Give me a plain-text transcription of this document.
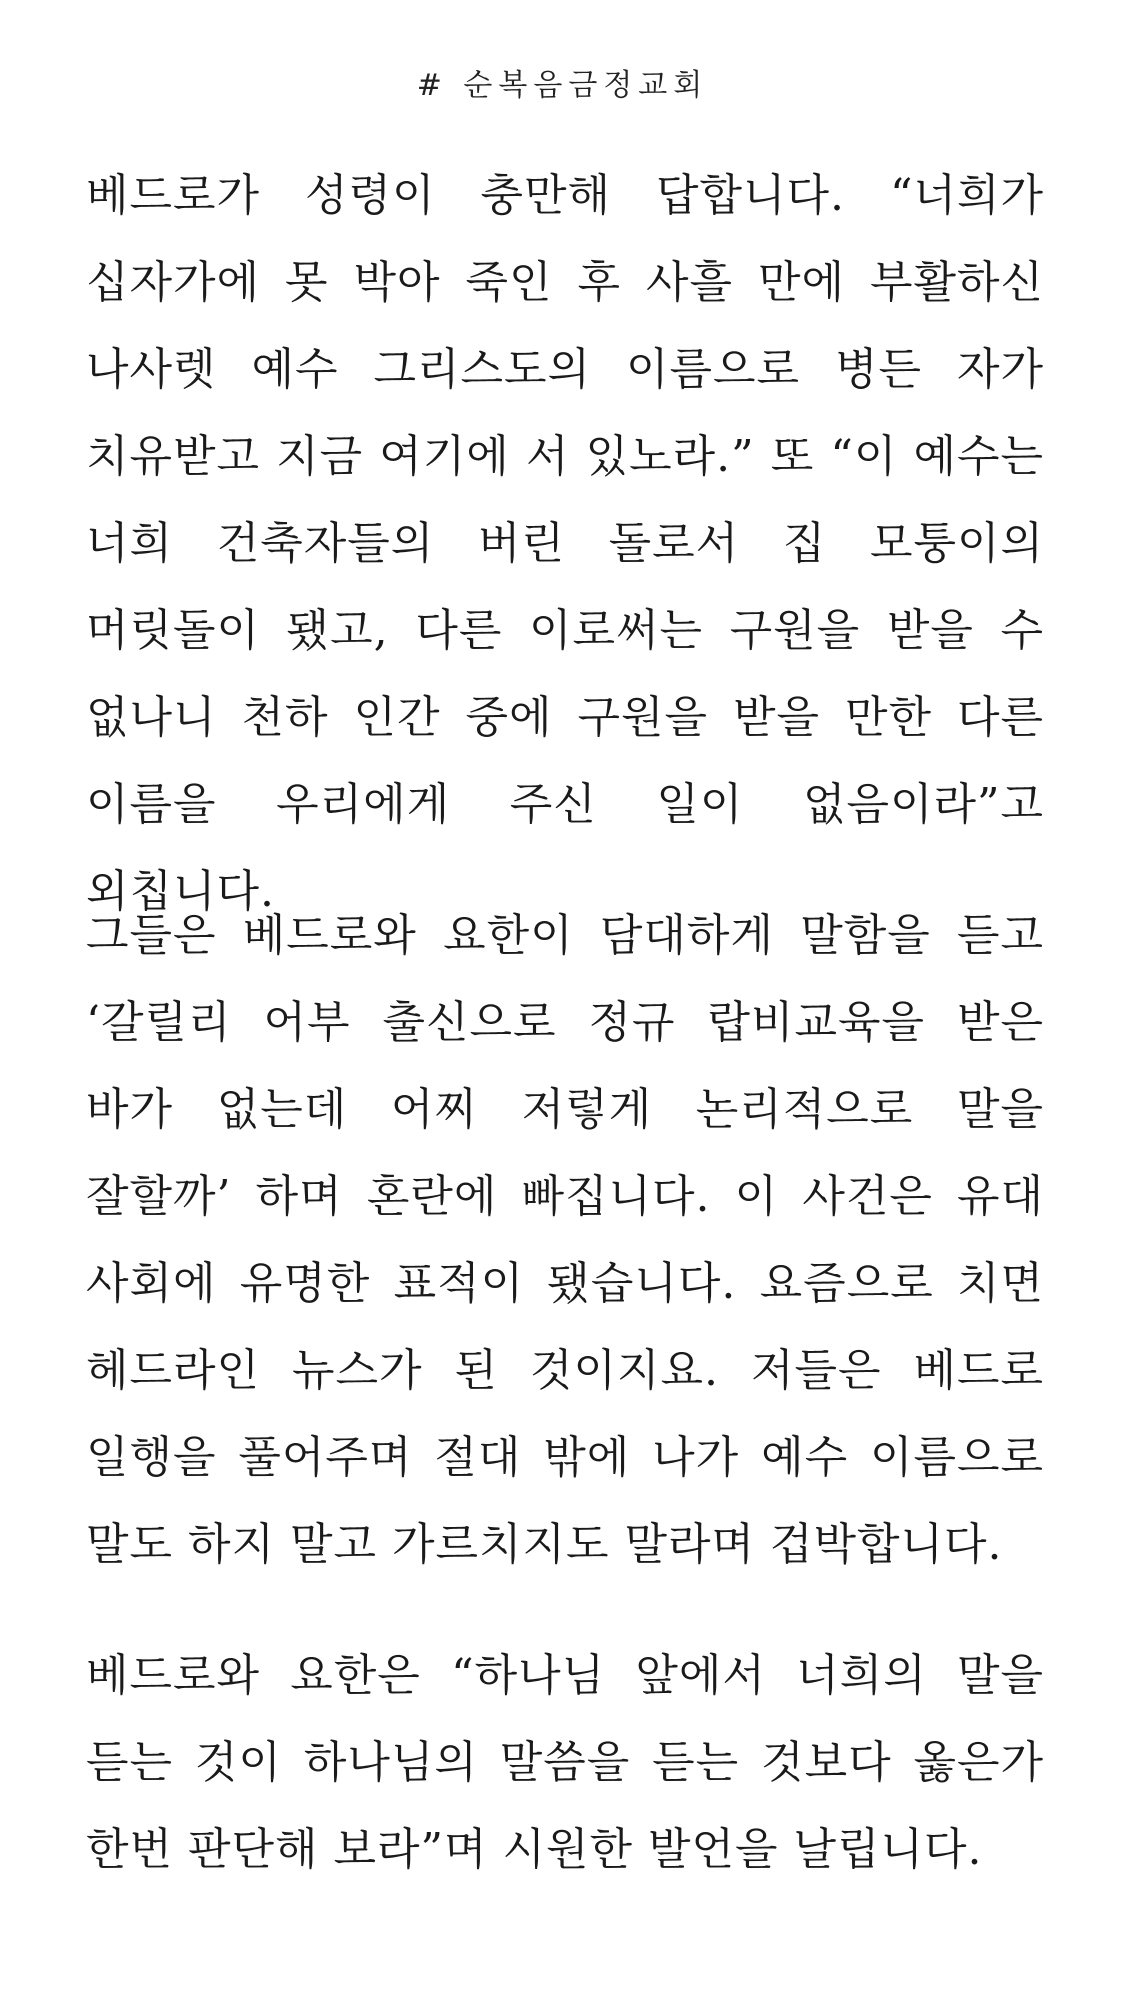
# 순복음금정교회

베드로가 성령이 충만해 답합니다. “너희가 십자가에 못 박아 죽인 후 사흘 만에 부활하신 나사렛 예수 그리스도의 이름으로 병든 자가 치유받고 지금 여기에 서 있노라.” 또 “이 예수는 너희 건축자들의 버린 돌로서 집 모퉁이의 머릿돌이 됐고, 다른 이로써는 구원을 받을 수 없나니 천하 인간 중에 구원을 받을 만한 다른 이름을 우리에게 주신 일이 없음이라”고 외칩니다.

그들은 베드로와 요한이 담대하게 말함을 듣고 ‘갈릴리 어부 출신으로 정규 랍비교육을 받은 바가 없는데 어찌 저렇게 논리적으로 말을 잘할까’ 하며 혼란에 빠집니다. 이 사건은 유대 사회에 유명한 표적이 됐습니다. 요즘으로 치면 헤드라인 뉴스가 된 것이지요. 저들은 베드로 일행을 풀어주며 절대 밖에 나가 예수 이름으로 말도 하지 말고 가르치지도 말라며 겁박합니다.

베드로와 요한은 “하나님 앞에서 너희의 말을 듣는 것이 하나님의 말씀을 듣는 것보다 옳은가 한번 판단해 보라”며 시원한 발언을 날립니다.
